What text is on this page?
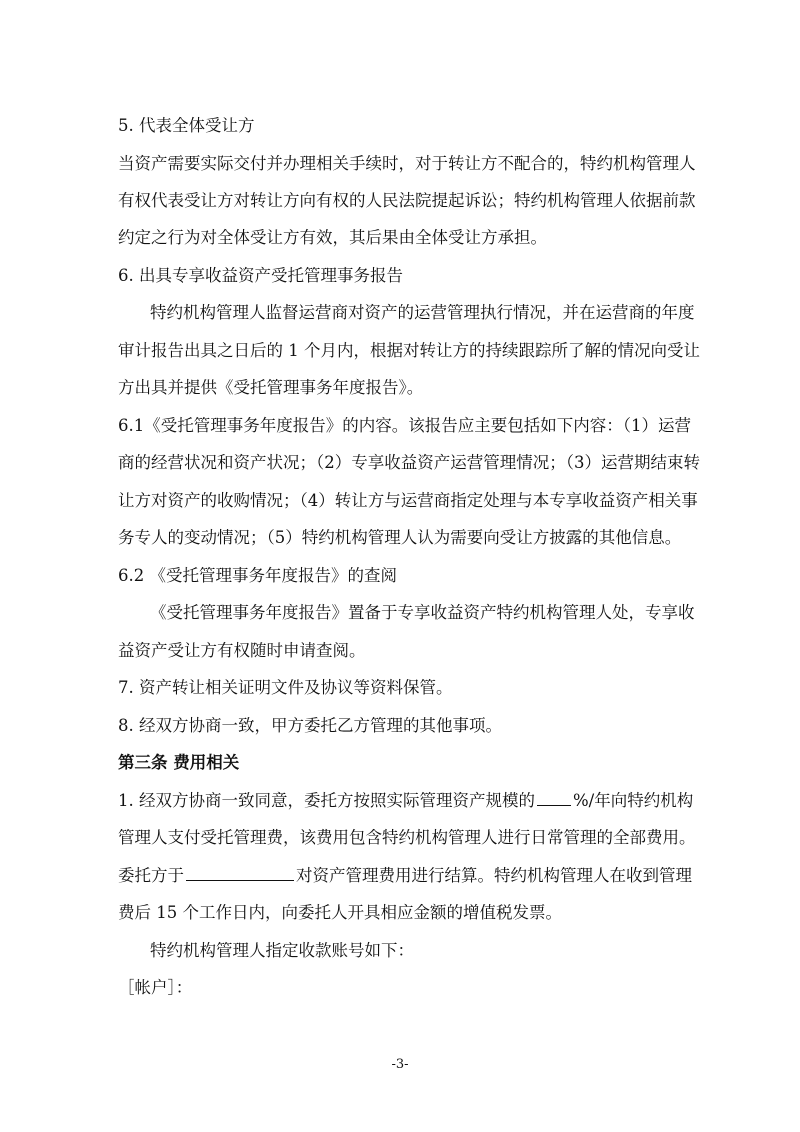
5. 代表全体受让方
当资产需要实际交付并办理相关手续时，对于转让方不配合的，特约机构管理人
有权代表受让方对转让方向有权的人民法院提起诉讼；特约机构管理人依据前款
约定之行为对全体受让方有效，其后果由全体受让方承担。
6. 出具专享收益资产受托管理事务报告
特约机构管理人监督运营商对资产的运营管理执行情况，并在运营商的年度
审计报告出具之日后的 1 个月内，根据对转让方的持续跟踪所了解的情况向受让
方出具并提供《受托管理事务年度报告》。
6.1《受托管理事务年度报告》的内容。该报告应主要包括如下内容：（1）运营
商的经营状况和资产状况；（2）专享收益资产运营管理情况；（3）运营期结束转
让方对资产的收购情况；（4）转让方与运营商指定处理与本专享收益资产相关事
务专人的变动情况；（5）特约机构管理人认为需要向受让方披露的其他信息。
6.2 《受托管理事务年度报告》的查阅
《受托管理事务年度报告》置备于专享收益资产特约机构管理人处，专享收
益资产受让方有权随时申请查阅。
7. 资产转让相关证明文件及协议等资料保管。
8. 经双方协商一致，甲方委托乙方管理的其他事项。
第三条 费用相关
1. 经双方协商一致同意，委托方按照实际管理资产规模的 %/年向特约机构
管理人支付受托管理费，该费用包含特约机构管理人进行日常管理的全部费用。
委托方于	对资产管理费用进行结算。特约机构管理人在收到管理
费后 15 个工作日内，向委托人开具相应金额的增值税发票。
特约机构管理人指定收款账号如下：
［帐户］：
-3-
